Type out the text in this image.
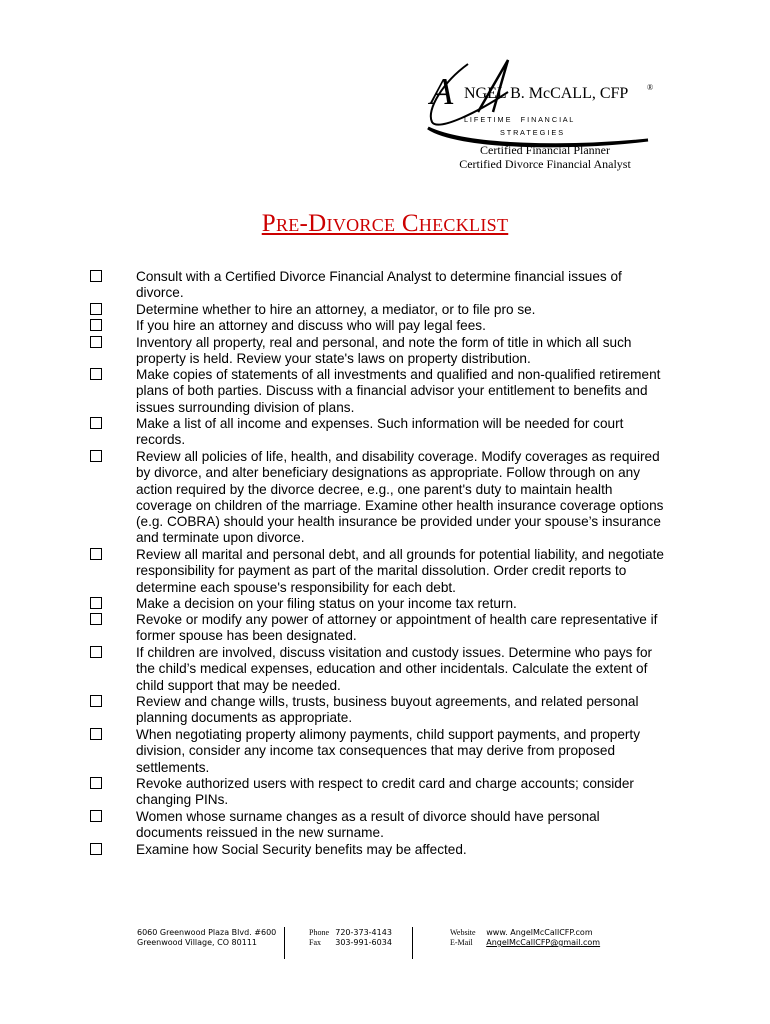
A NGEL B. McCALL, CFP ®
L I F E T I M E     F I N A N C I A L
S T R A T E G I E S
Certified Financial Planner
Certified Divorce Financial Analyst
Pre-Divorce Checklist
Consult with a Certified Divorce Financial Analyst to determine financial issues of divorce.
Determine whether to hire an attorney, a mediator, or to file pro se.
If you hire an attorney and discuss who will pay legal fees.
Inventory all property, real and personal, and note the form of title in which all such property is held. Review your state's laws on property distribution.
Make copies of statements of all investments and qualified and non-qualified retirement plans of both parties. Discuss with a financial advisor your entitlement to benefits and issues surrounding division of plans.
Make a list of all income and expenses. Such information will be needed for court records.
Review all policies of life, health, and disability coverage. Modify coverages as required by divorce, and alter beneficiary designations as appropriate. Follow through on any action required by the divorce decree, e.g., one parent's duty to maintain health coverage on children of the marriage. Examine other health insurance coverage options (e.g. COBRA) should your health insurance be provided under your spouse’s insurance and terminate upon divorce.
Review all marital and personal debt, and all grounds for potential liability, and negotiate responsibility for payment as part of the marital dissolution. Order credit reports to determine each spouse's responsibility for each debt.
Make a decision on your filing status on your income tax return.
Revoke or modify any power of attorney or appointment of health care representative if former spouse has been designated.
If children are involved, discuss visitation and custody issues. Determine who pays for the child’s medical expenses, education and other incidentals. Calculate the extent of child support that may be needed.
Review and change wills, trusts, business buyout agreements, and related personal planning documents as appropriate.
When negotiating property alimony payments, child support payments, and property division, consider any income tax consequences that may derive from proposed settlements.
Revoke authorized users with respect to credit card and charge accounts; consider changing PINs.
Women whose surname changes as a result of divorce should have personal documents reissued in the new surname.
Examine how Social Security benefits may be affected.
6060 Greenwood Plaza Blvd. #600
Greenwood Village, CO 80111
Phone 720-373-4143
Fax 303-991-6034
Website www. AngelMcCallCFP.com
E-Mail AngelMcCallCFP@gmail.com
